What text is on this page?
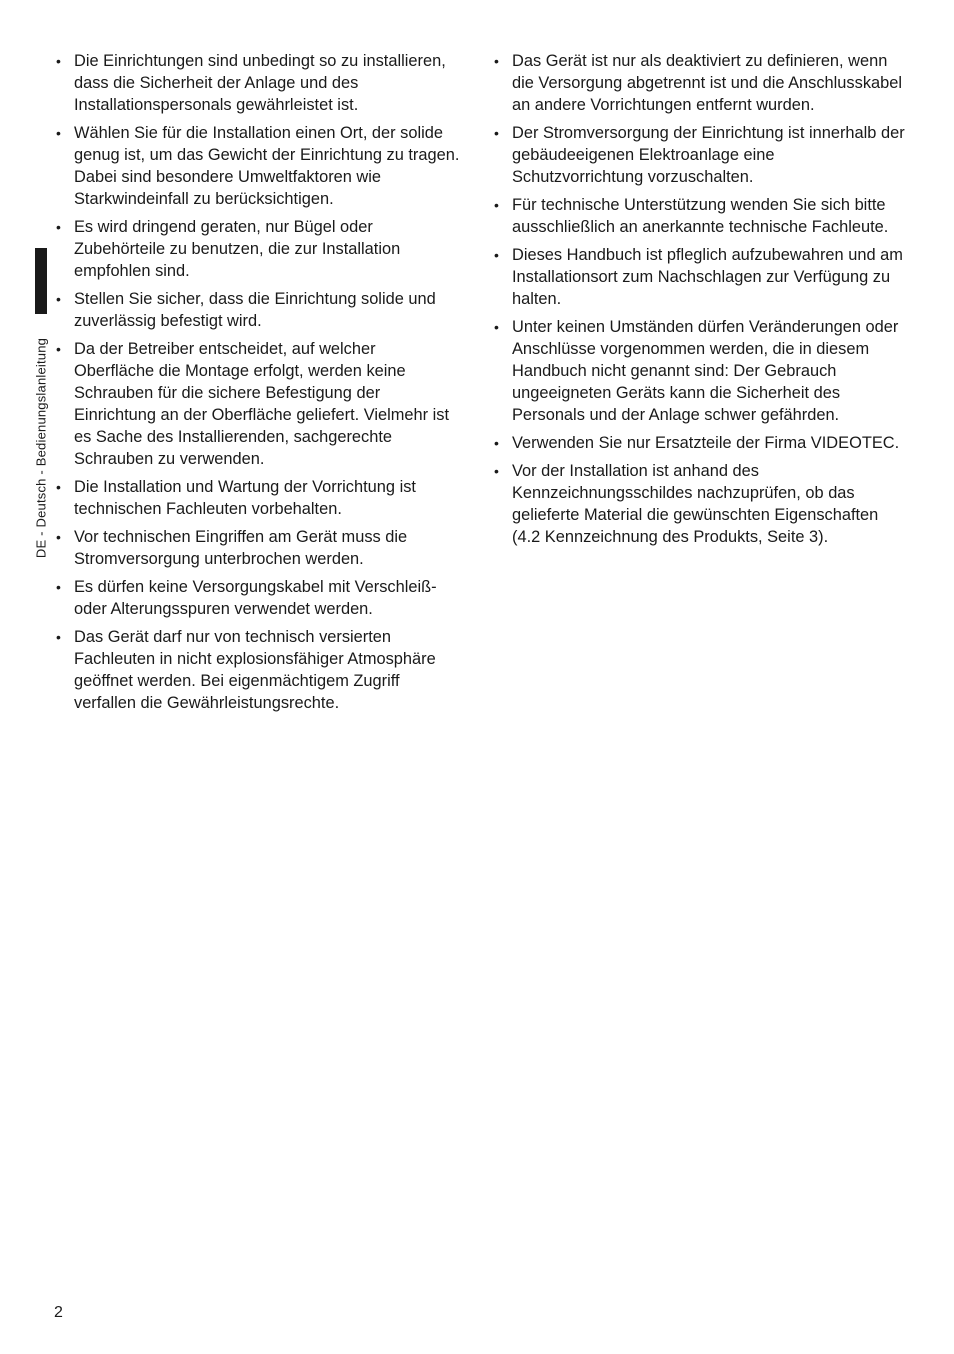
DE - Deutsch - Bedienungslanleitung
• Die Einrichtungen sind unbedingt so zu installieren, dass die Sicherheit der Anlage und des Installationspersonals gewährleistet ist.
• Wählen Sie für die Installation einen Ort, der solide genug ist, um das Gewicht der Einrichtung zu tragen. Dabei sind besondere Umweltfaktoren wie Starkwindeinfall zu berücksichtigen.
• Es wird dringend geraten, nur Bügel oder Zubehörteile zu benutzen, die zur Installation empfohlen sind.
• Stellen Sie sicher, dass die Einrichtung solide und zuverlässig befestigt wird.
• Da der Betreiber entscheidet, auf welcher Oberfläche die Montage erfolgt, werden keine Schrauben für die sichere Befestigung der Einrichtung an der Oberfläche geliefert. Vielmehr ist es Sache des Installierenden, sachgerechte Schrauben zu verwenden.
• Die Installation und Wartung der Vorrichtung ist technischen Fachleuten vorbehalten.
• Vor technischen Eingriffen am Gerät muss die Stromversorgung unterbrochen werden.
• Es dürfen keine Versorgungskabel mit Verschleiß- oder Alterungsspuren verwendet werden.
• Das Gerät darf nur von technisch versierten Fachleuten in nicht explosionsfähiger Atmosphäre geöffnet werden. Bei eigenmächtigem Zugriff verfallen die Gewährleistungsrechte.
• Das Gerät ist nur als deaktiviert zu definieren, wenn die Versorgung abgetrennt ist und die Anschlusskabel an andere Vorrichtungen entfernt wurden.
• Der Stromversorgung der Einrichtung ist innerhalb der gebäudeeigenen Elektroanlage eine Schutzvorrichtung vorzuschalten.
• Für technische Unterstützung wenden Sie sich bitte ausschließlich an anerkannte technische Fachleute.
• Dieses Handbuch ist pfleglich aufzubewahren und am Installationsort zum Nachschlagen zur Verfügung zu halten.
• Unter keinen Umständen dürfen Veränderungen oder Anschlüsse vorgenommen werden, die in diesem Handbuch nicht genannt sind: Der Gebrauch ungeeigneten Geräts kann die Sicherheit des Personals und der Anlage schwer gefährden.
• Verwenden Sie nur Ersatzteile der Firma VIDEOTEC.
• Vor der Installation ist anhand des Kennzeichnungsschildes nachzuprüfen, ob das gelieferte Material die gewünschten Eigenschaften (4.2 Kennzeichnung des Produkts, Seite 3).
2
